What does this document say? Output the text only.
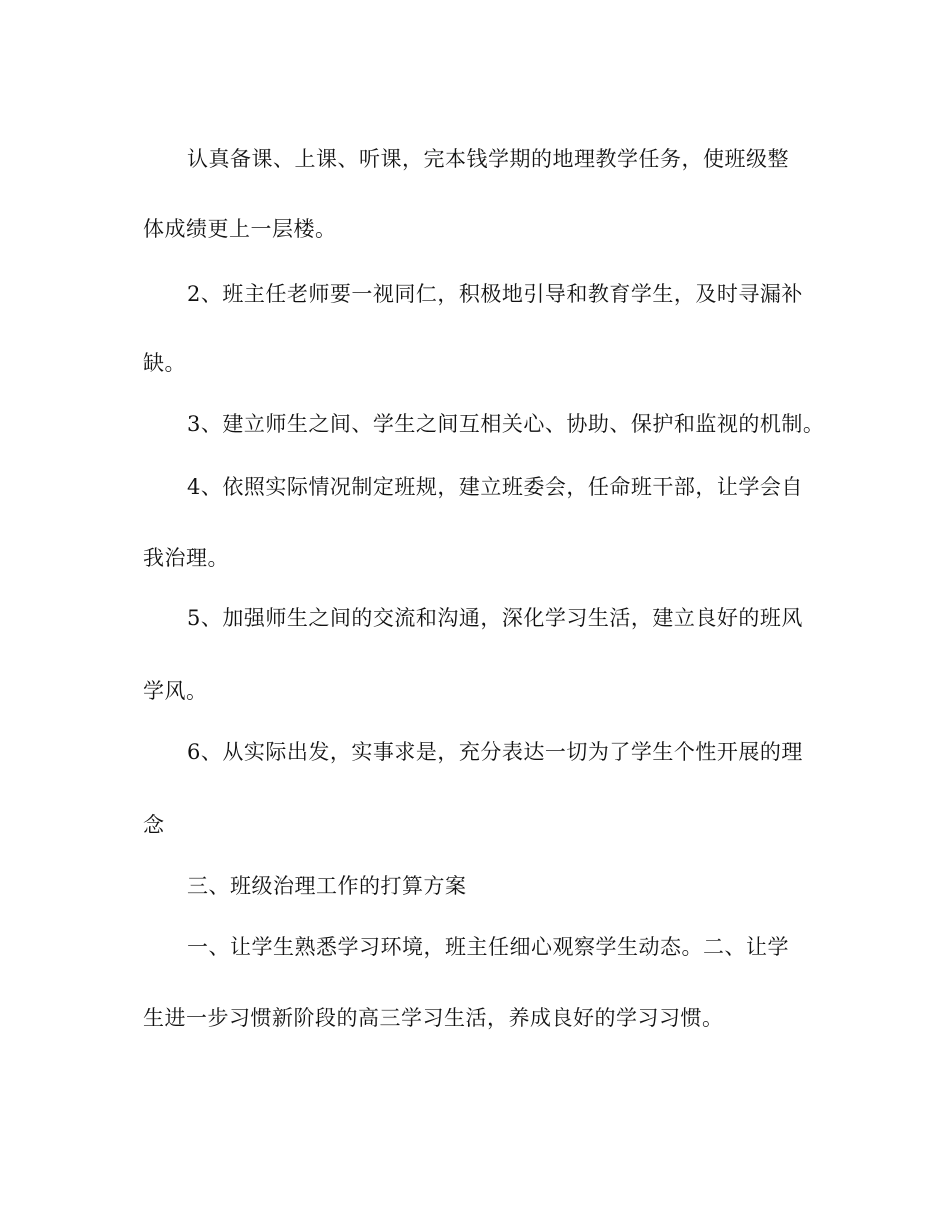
认真备课、上课、听课，完本钱学期的地理教学任务，使班级整
体成绩更上一层楼。
2、班主任老师要一视同仁，积极地引导和教育学生，及时寻漏补
缺。
3、建立师生之间、学生之间互相关心、协助、保护和监视的机制。
4、依照实际情况制定班规，建立班委会，任命班干部，让学会自
我治理。
5、加强师生之间的交流和沟通，深化学习生活，建立良好的班风
学风。
6、从实际出发，实事求是，充分表达一切为了学生个性开展的理
念
三、班级治理工作的打算方案
一、让学生熟悉学习环境，班主任细心观察学生动态。二、让学
生进一步习惯新阶段的高三学习生活，养成良好的学习习惯。
